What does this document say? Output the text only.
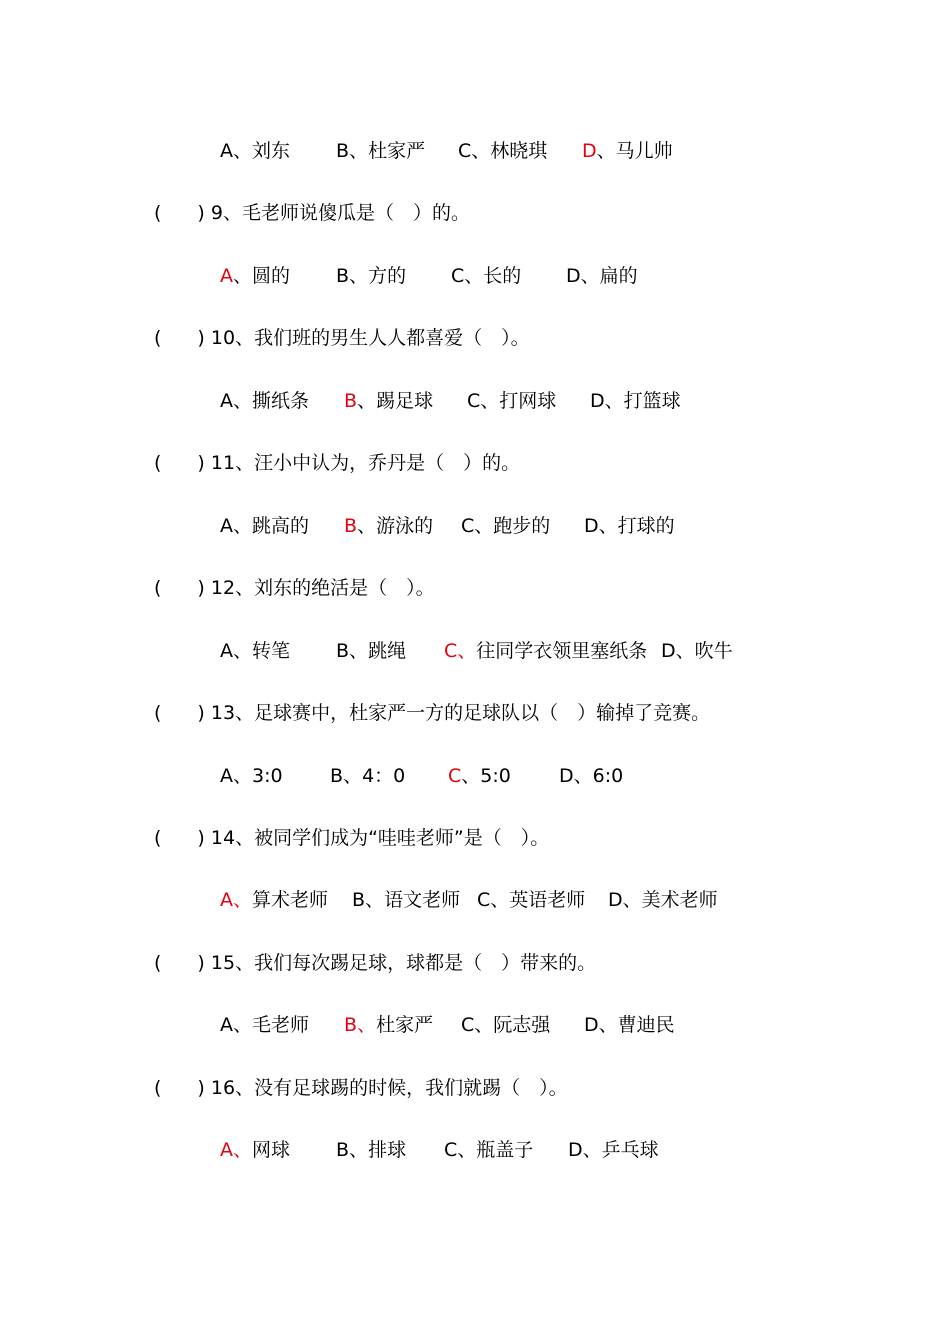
A、刘东 B、杜家严 C、林晓琪 D、马儿帅
( ) 9、毛老师说傻瓜是（　）的。
A、圆的 B、方的 C、长的 D、扁的
( ) 10、我们班的男生人人都喜爱（　）。
A、撕纸条 B、踢足球 C、打网球 D、打篮球
( ) 11、汪小中认为，乔丹是（　）的。
A、跳高的 B、游泳的 C、跑步的 D、打球的
( ) 12、刘东的绝活是（　）。
A、转笔 B、跳绳 C、往同学衣领里塞纸条 D、吹牛
( ) 13、足球赛中，杜家严一方的足球队以（　）输掉了竞赛。
A、3:0 B、4：0 C、5:0	D、6:0
( ) 14、被同学们成为“哇哇老师”是（　）。
A、算术老师 B、语文老师 C、英语老师 D、美术老师
( ) 15、我们每次踢足球，球都是（　）带来的。
A、毛老师 B、杜家严 C、阮志强 D、曹迪民
( ) 16、没有足球踢的时候，我们就踢（　）。
A、网球 B、排球 C、瓶盖子 D、乒乓球
